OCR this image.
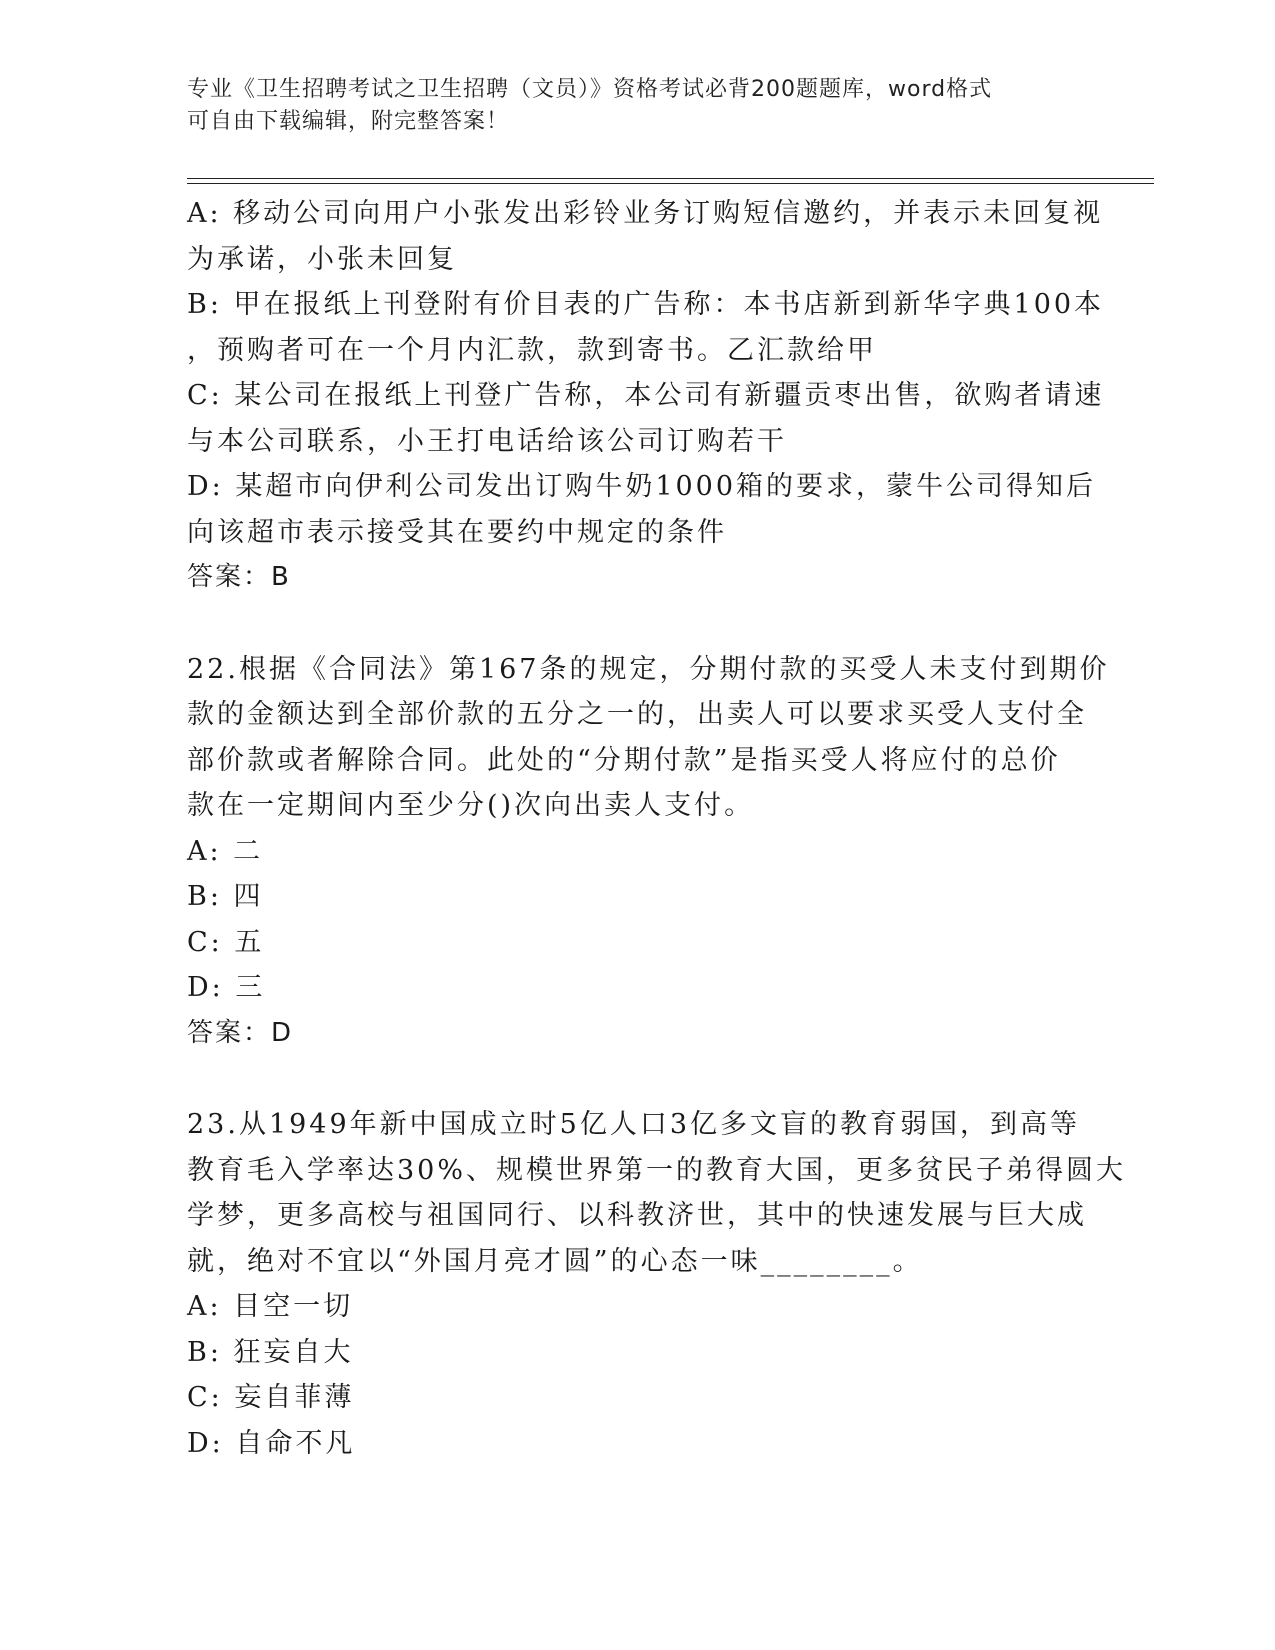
专业《卫生招聘考试之卫生招聘（文员）》资格考试必背200题题库，word格式
可自由下载编辑，附完整答案！
A: 移动公司向用户小张发出彩铃业务订购短信邀约，并表示未回复视
为承诺，小张未回复
B: 甲在报纸上刊登附有价目表的广告称：本书店新到新华字典100本
，预购者可在一个月内汇款，款到寄书。乙汇款给甲
C: 某公司在报纸上刊登广告称，本公司有新疆贡枣出售，欲购者请速
与本公司联系，小王打电话给该公司订购若干
D: 某超市向伊利公司发出订购牛奶1000箱的要求，蒙牛公司得知后
向该超市表示接受其在要约中规定的条件
答案：B
22.根据《合同法》第167条的规定，分期付款的买受人未支付到期价
款的金额达到全部价款的五分之一的，出卖人可以要求买受人支付全
部价款或者解除合同。此处的“分期付款”是指买受人将应付的总价
款在一定期间内至少分()次向出卖人支付。
A: 二
B: 四
C: 五
D: 三
答案：D
23.从1949年新中国成立时5亿人口3亿多文盲的教育弱国，到高等
教育毛入学率达30%、规模世界第一的教育大国，更多贫民子弟得圆大
学梦，更多高校与祖国同行、以科教济世，其中的快速发展与巨大成
就，绝对不宜以“外国月亮才圆”的心态一味________。
A: 目空一切
B: 狂妄自大
C: 妄自菲薄
D: 自命不凡
